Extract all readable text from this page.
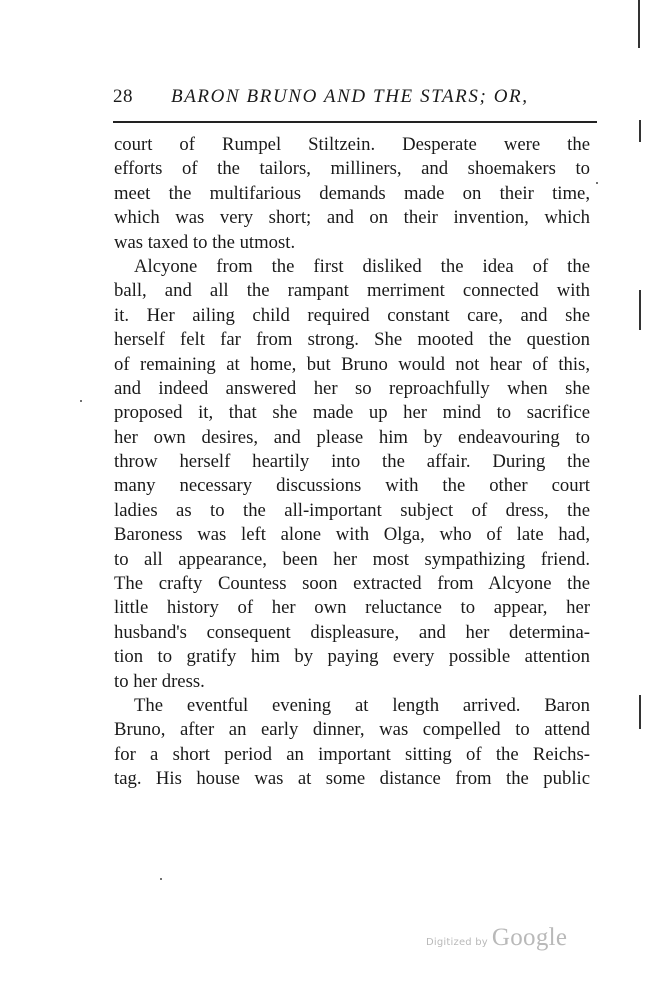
28 BARON BRUNO AND THE STARS; OR,
court of Rumpel Stiltzein. Desperate were the
efforts of the tailors, milliners, and shoemakers to
meet the multifarious demands made on their time,
which was very short; and on their invention, which
was taxed to the utmost.
Alcyone from the first disliked the idea of the
ball, and all the rampant merriment connected with
it. Her ailing child required constant care, and she
herself felt far from strong. She mooted the question
of remaining at home, but Bruno would not hear of this,
and indeed answered her so reproachfully when she
proposed it, that she made up her mind to sacrifice
her own desires, and please him by endeavouring to
throw herself heartily into the affair. During the
many necessary discussions with the other court
ladies as to the all-important subject of dress, the
Baroness was left alone with Olga, who of late had,
to all appearance, been her most sympathizing friend.
The crafty Countess soon extracted from Alcyone the
little history of her own reluctance to appear, her
husband's consequent displeasure, and her determina-
tion to gratify him by paying every possible attention
to her dress.
The eventful evening at length arrived. Baron
Bruno, after an early dinner, was compelled to attend
for a short period an important sitting of the Reichs-
tag. His house was at some distance from the public
Digitized by Google
